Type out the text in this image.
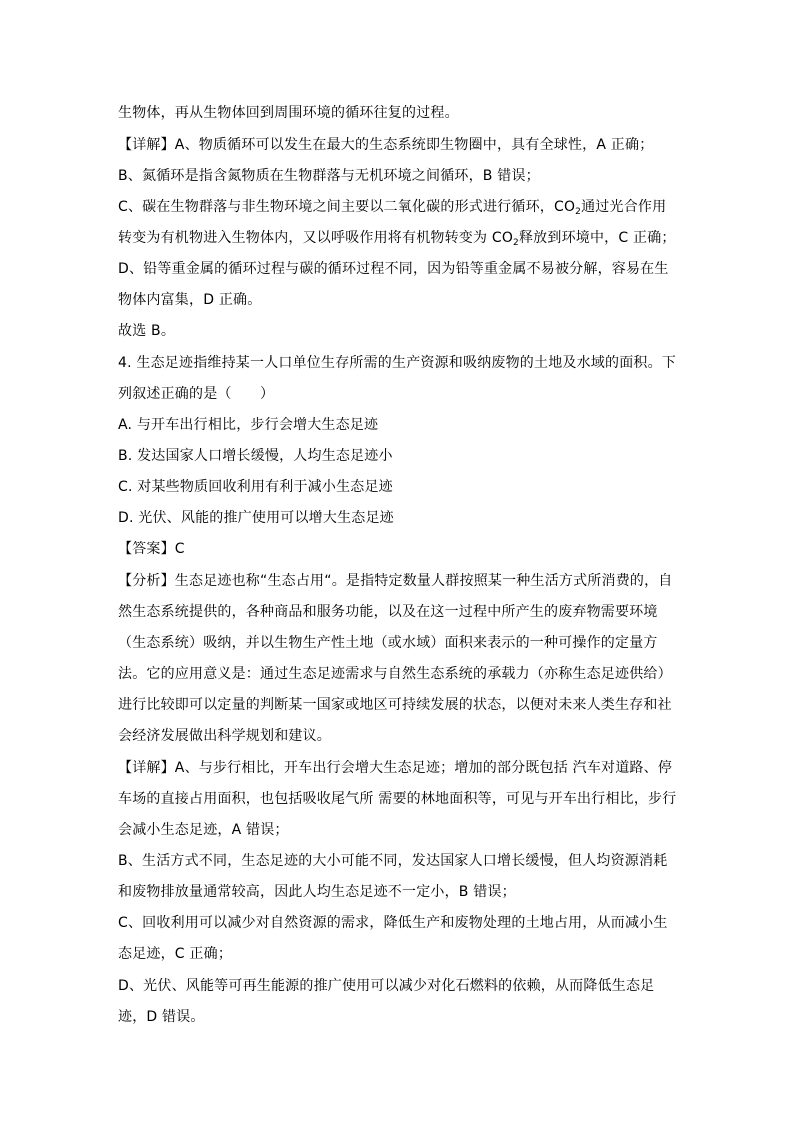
生物体，再从生物体回到周围环境的循环往复的过程。

【详解】A、物质循环可以发生在最大的生态系统即生物圈中，具有全球性，A 正确；

B、氮循环是指含氮物质在生物群落与无机环境之间循环，B 错误；

C、碳在生物群落与非生物环境之间主要以二氧化碳的形式进行循环，$CO_2$通过光合作用

转变为有机物进入生物体内，又以呼吸作用将有机物转变为 $CO_2$释放到环境中，C 正确；

D、铅等重金属的循环过程与碳的循环过程不同，因为铅等重金属不易被分解，容易在生

物体内富集，D 正确。

故选 B。

4. 生态足迹指维持某一人口单位生存所需的生产资源和吸纳废物的土地及水域的面积。下

列叙述正确的是（　　）

A. 与开车出行相比，步行会增大生态足迹

B. 发达国家人口增长缓慢，人均生态足迹小

C. 对某些物质回收利用有利于减小生态足迹

D. 光伏、风能的推广使用可以增大生态足迹

【答案】C

【分析】生态足迹也称“生态占用“。是指特定数量人群按照某一种生活方式所消费的，自

然生态系统提供的，各种商品和服务功能，以及在这一过程中所产生的废弃物需要环境

（生态系统）吸纳，并以生物生产性土地（或水域）面积来表示的一种可操作的定量方

法。它的应用意义是：通过生态足迹需求与自然生态系统的承载力（亦称生态足迹供给）

进行比较即可以定量的判断某一国家或地区可持续发展的状态，以便对未来人类生存和社

会经济发展做出科学规划和建议。

【详解】A、与步行相比，开车出行会增大生态足迹；增加的部分既包括 汽车对道路、停

车场的直接占用面积，也包括吸收尾气所 需要的林地面积等，可见与开车出行相比，步行

会减小生态足迹，A 错误；

B、生活方式不同，生态足迹的大小可能不同，发达国家人口增长缓慢，但人均资源消耗

和废物排放量通常较高，因此人均生态足迹不一定小，B 错误；

C、回收利用可以减少对自然资源的需求，降低生产和废物处理的土地占用，从而减小生

态足迹，C 正确；

D、光伏、风能等可再生能源的推广使用可以减少对化石燃料的依赖，从而降低生态足

迹，D 错误。
